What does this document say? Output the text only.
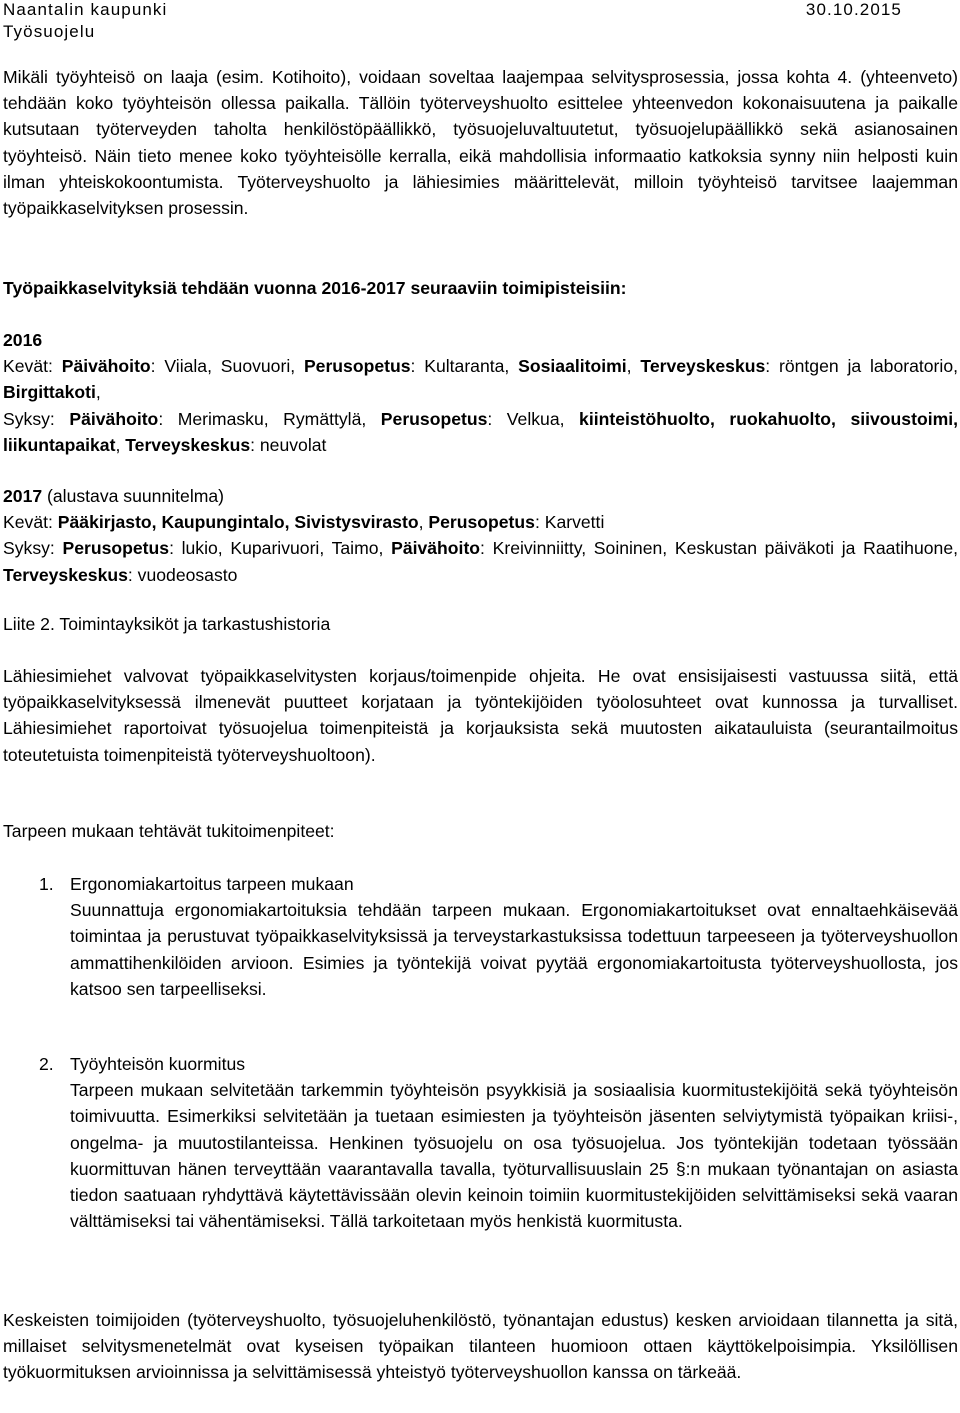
Naantalin kaupunki	30.10.2015
Työsuojelu

Mikäli työyhteisö on laaja (esim. Kotihoito), voidaan soveltaa laajempaa selvitysprosessia, jossa kohta 4. (yhteenveto) tehdään koko työyhteisön ollessa paikalla. Tällöin työterveyshuolto esittelee yhteenvedon kokonaisuutena ja paikalle kutsutaan työterveyden taholta henkilöstöpäällikkö, työsuojeluvaltuutetut, työsuojelupäällikkö sekä asianosainen työyhteisö. Näin tieto menee koko työyhteisölle kerralla, eikä mahdollisia informaatio katkoksia synny niin helposti kuin ilman yhteiskokoontumista. Työterveyshuolto ja lähiesimies määrittelevät, milloin työyhteisö tarvitsee laajemman työpaikkaselvityksen prosessin.

Työpaikkaselvityksiä tehdään vuonna 2016-2017 seuraaviin toimipisteisiin:

2016

Kevät: Päivähoito: Viiala, Suovuori, Perusopetus: Kultaranta, Sosiaalitoimi, Terveyskeskus: röntgen ja laboratorio, Birgittakoti,

Syksy: Päivähoito: Merimasku, Rymättylä, Perusopetus: Velkua, kiinteistöhuolto, ruokahuolto, siivoustoimi, liikuntapaikat, Terveyskeskus: neuvolat

2017 (alustava suunnitelma)

Kevät: Pääkirjasto, Kaupungintalo, Sivistysvirasto, Perusopetus: Karvetti

Syksy: Perusopetus: lukio, Kuparivuori, Taimo, Päivähoito: Kreivinniitty, Soininen, Keskustan päiväkoti ja Raatihuone, Terveyskeskus: vuodeosasto

Liite 2. Toimintayksiköt ja tarkastushistoria

Lähiesimiehet valvovat työpaikkaselvitysten korjaus/toimenpide ohjeita. He ovat ensisijaisesti vastuussa siitä, että työpaikkaselvityksessä ilmenevät puutteet korjataan ja työntekijöiden työolosuhteet ovat kunnossa ja turvalliset. Lähiesimiehet raportoivat työsuojelua toimenpiteistä ja korjauksista sekä muutosten aikatauluista (seurantailmoitus toteutetuista toimenpiteistä työterveyshuoltoon).

Tarpeen mukaan tehtävät tukitoimenpiteet:

1. Ergonomiakartoitus tarpeen mukaan

Suunnattuja ergonomiakartoituksia tehdään tarpeen mukaan. Ergonomiakartoitukset ovat ennaltaehkäisevää toimintaa ja perustuvat työpaikkaselvityksissä ja terveystarkastuksissa todettuun tarpeeseen ja työterveyshuollon ammattihenkilöiden arvioon. Esimies ja työntekijä voivat pyytää ergonomiakartoitusta työterveyshuollosta, jos katsoo sen tarpeelliseksi.

2. Työyhteisön kuormitus

Tarpeen mukaan selvitetään tarkemmin työyhteisön psyykkisiä ja sosiaalisia kuormitustekijöitä sekä työyhteisön toimivuutta. Esimerkiksi selvitetään ja tuetaan esimiesten ja työyhteisön jäsenten selviytymistä työpaikan kriisi-, ongelma- ja muutostilanteissa. Henkinen työsuojelu on osa työsuojelua. Jos työntekijän todetaan työssään kuormittuvan hänen terveyttään vaarantavalla tavalla, työturvallisuuslain 25 §:n mukaan työnantajan on asiasta tiedon saatuaan ryhdyttävä käytettävissään olevin keinoin toimiin kuormitustekijöiden selvittämiseksi sekä vaaran välttämiseksi tai vähentämiseksi. Tällä tarkoitetaan myös henkistä kuormitusta.

Keskeisten toimijoiden (työterveyshuolto, työsuojeluhenkilöstö, työnantajan edustus) kesken arvioidaan tilannetta ja sitä, millaiset selvitysmenetelmät ovat kyseisen työpaikan tilanteen huomioon ottaen käyttökelpoisimpia. Yksilöllisen työkuormituksen arvioinnissa ja selvittämisessä yhteistyö työterveyshuollon kanssa on tärkeää.
